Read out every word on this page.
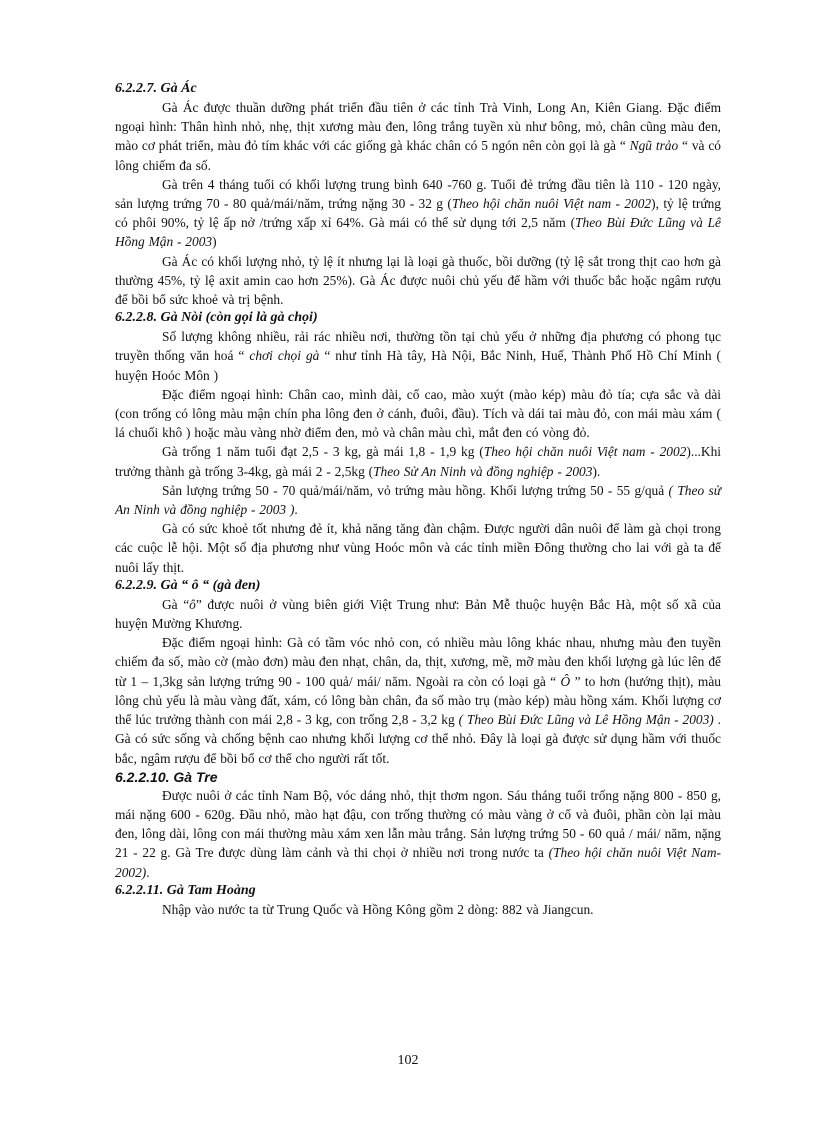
6.2.2.7. Gà Ác

Gà Ác được thuần dưỡng phát triển đầu tiên ở các tỉnh Trà Vinh, Long An, Kiên Giang. Đặc điểm ngoại hình: Thân hình nhỏ, nhẹ, thịt xương màu đen, lông trắng tuyền xù như bông, mỏ, chân cũng màu đen, mào cơ phát triển, màu đỏ tím khác với các giống gà khác chân có 5 ngón nên còn gọi là gà “ Ngũ trảo “ và có lông chiếm đa số.

Gà trên 4 tháng tuổi có khối lượng trung bình 640 -760 g. Tuổi đẻ trứng đầu tiên là 110 - 120 ngày, sản lượng trứng 70 - 80 quả/mái/năm, trứng nặng 30 - 32 g (Theo hội chăn nuôi Việt nam - 2002), tỷ lệ trứng có phôi 90%, tỷ lệ ấp nở /trứng xấp xỉ 64%. Gà mái có thể sử dụng tới 2,5 năm (Theo Bùi Đức Lũng và Lê Hồng Mận - 2003)

Gà Ác có khối lượng nhỏ, tỷ lệ ít nhưng lại là loại gà thuốc, bồi dưỡng (tỷ lệ sắt trong thịt cao hơn gà thường 45%, tỷ lệ axit amin cao hơn 25%). Gà Ác được nuôi chủ yếu để hầm với thuốc bắc hoặc ngâm rượu để bồi bổ sức khoẻ và trị bệnh.

6.2.2.8. Gà Nòi (còn gọi là gà chọi)

Số lượng không nhiều, rải rác nhiều nơi, thường tồn tại chủ yếu ở những địa phương có phong tục truyền thống văn hoá “ chơi chọi gà “ như tỉnh Hà tây, Hà Nội, Bắc Ninh, Huế, Thành Phố Hồ Chí Minh ( huyện Hoóc Môn )

Đặc điểm ngoại hình: Chân cao, mình dài, cổ cao, mào xuýt (mào kép) màu đỏ tía; cựa sắc và dài (con trống có lông màu mận chín pha lông đen ở cánh, đuôi, đầu). Tích và dái tai màu đỏ, con mái màu xám ( lá chuối khô ) hoặc màu vàng nhờ điểm đen, mỏ và chân màu chì, mắt đen có vòng đỏ.

Gà trống 1 năm tuổi đạt 2,5 - 3 kg, gà mái 1,8 - 1,9 kg (Theo hội chăn nuôi Việt nam - 2002)...Khi trưởng thành gà trống 3-4kg, gà mái 2 - 2,5kg (Theo Sử An Ninh và đồng nghiệp - 2003).

Sản lượng trứng 50 - 70 quả/mái/năm, vỏ trứng màu hồng. Khối lượng trứng 50 - 55 g/quả ( Theo sử An Ninh và đồng nghiệp - 2003 ).

Gà có sức khoẻ tốt nhưng đẻ ít, khả năng tăng đàn chậm. Được người dân nuôi để làm gà chọi trong các cuộc lễ hội. Một số địa phương như vùng Hoóc môn và các tỉnh miền Đông thường cho lai với gà ta để nuôi lấy thịt.

6.2.2.9. Gà “ ô “ (gà đen)

Gà “ô” được nuôi ở vùng biên giới Việt Trung như: Bản Mễ thuộc huyện Bắc Hà, một số xã của huyện Mường Khương.

Đặc điểm ngoại hình: Gà có tầm vóc nhỏ con, có nhiều màu lông khác nhau, nhưng màu đen tuyền chiếm đa số, mào cờ (mào đơn) màu đen nhạt, chân, da, thịt, xương, mề, mỡ màu đen khối lượng gà lúc lên để từ 1 – 1,3kg sản lượng trứng 90 - 100 quả/ mái/ năm. Ngoài ra còn có loại gà “ Ô ” to hơn (hướng thịt), màu lông chủ yếu là màu vàng đất, xám, có lông bàn chân, đa số mào trụ (mào kép) màu hồng xám. Khối lượng cơ thể lúc trưởng thành con mái 2,8 - 3 kg, con trống 2,8 - 3,2 kg ( Theo Bùi Đức Lũng và Lê Hồng Mận - 2003) . Gà có sức sống và chống bệnh cao nhưng khối lượng cơ thể nhỏ. Đây là loại gà được sử dụng hầm với thuốc bắc, ngâm rượu để bồi bổ cơ thể cho người rất tốt.

6.2.2.10. Gà Tre

Được nuôi ở các tỉnh Nam Bộ, vóc dáng nhỏ, thịt thơm ngon. Sáu tháng tuổi trống nặng 800 - 850 g, mái nặng 600 - 620g. Đầu nhỏ, mào hạt đậu, con trống thường có màu vàng ở cổ và đuôi, phần còn lại màu đen, lông dài, lông con mái thường màu xám xen lẫn màu trắng. Sản lượng trứng 50 - 60 quả / mái/ năm, nặng 21 - 22 g. Gà Tre được dùng làm cảnh và thi chọi ở nhiều nơi trong nước ta (Theo hội chăn nuôi Việt Nam- 2002).

6.2.2.11. Gà Tam Hoàng

Nhập vào nước ta từ Trung Quốc và Hồng Kông gồm 2 dòng: 882 và Jiangcun.

102
